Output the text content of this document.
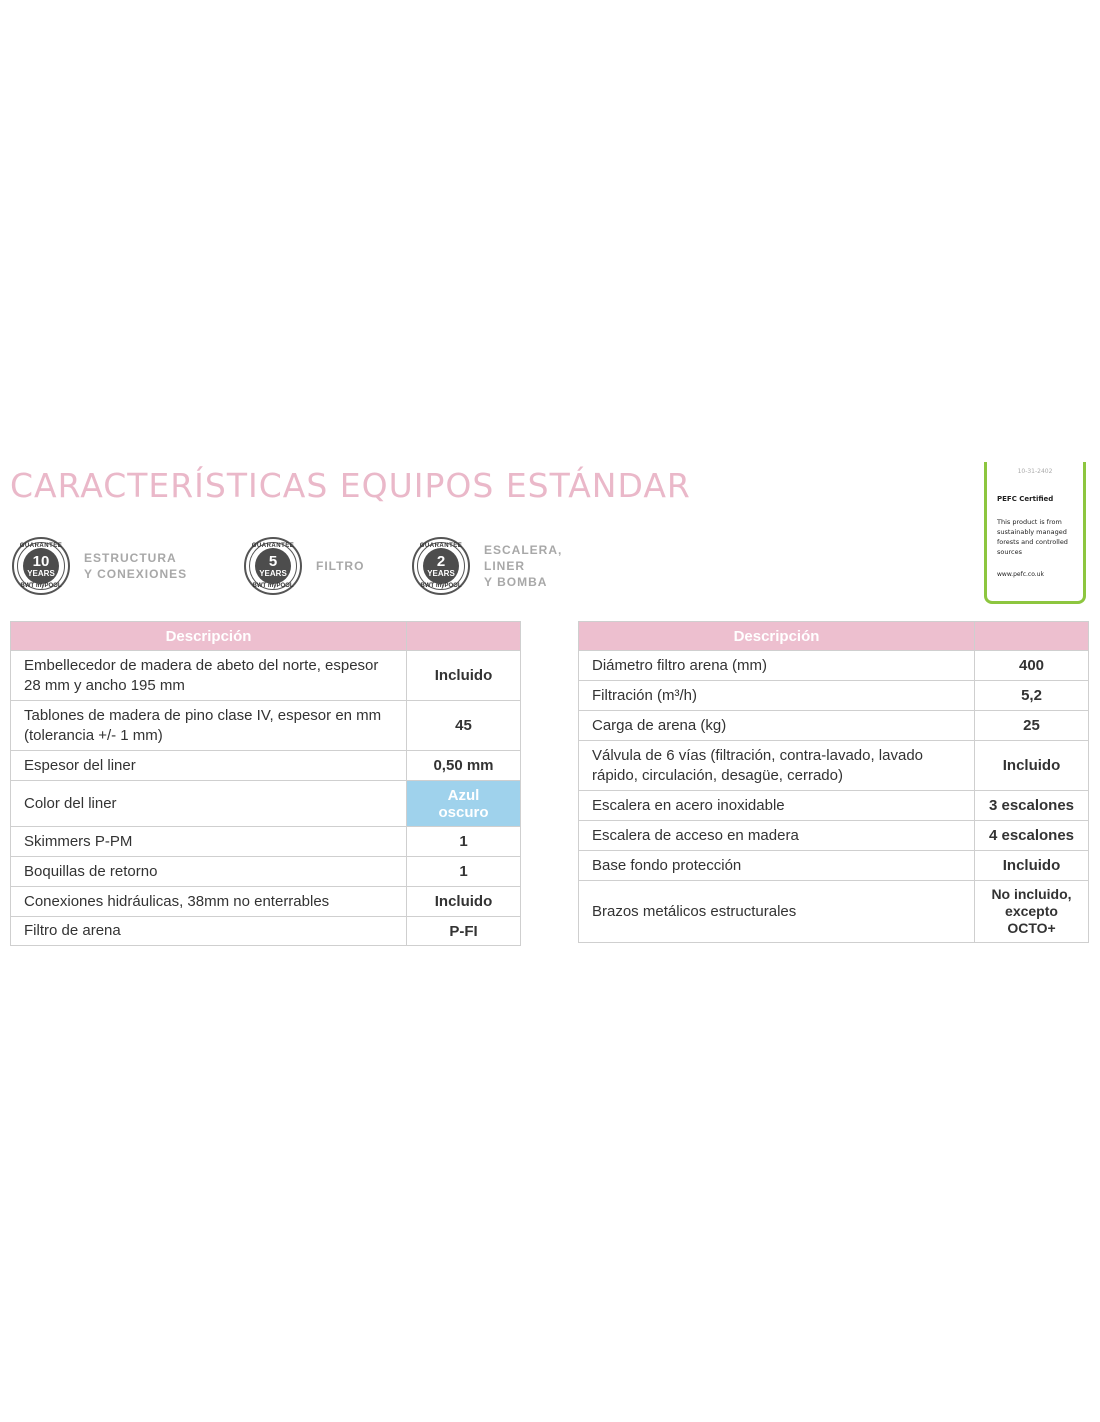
CARACTERÍSTICAS EQUIPOS ESTÁNDAR
GUARANTEE
10
YEARS
BWT myPOOL
ESTRUCTURA
Y CONEXIONES
GUARANTEE
5
YEARS
BWT myPOOL
FILTRO
GUARANTEE
2
YEARS
BWT myPOOL
ESCALERA,
LINER
Y BOMBA
10-31-2402
PEFC Certified
This product is from sustainably managed forests and controlled sources
www.pefc.co.uk
Descripción	
Embellecedor de madera de abeto del norte, espesor 28 mm y ancho 195 mm	Incluido
Tablones de madera de pino clase IV, espesor en mm (tolerancia +/- 1 mm)	45
Espesor del liner	0,50 mm
Color del liner	Azul oscuro
Skimmers P-PM	1
Boquillas de retorno	1
Conexiones hidráulicas, 38mm no enterrables	Incluido
Filtro de arena	P-FI
Descripción	
Diámetro filtro arena (mm)	400
Filtración (m³/h)	5,2
Carga de arena (kg)	25
Válvula de 6 vías (filtración, contra-lavado, lavado rápido, circulación, desagüe, cerrado)	Incluido
Escalera en acero inoxidable	3 escalones
Escalera de acceso en madera	4 escalones
Base fondo protección	Incluido
Brazos metálicos estructurales	No incluido, excepto OCTO+
